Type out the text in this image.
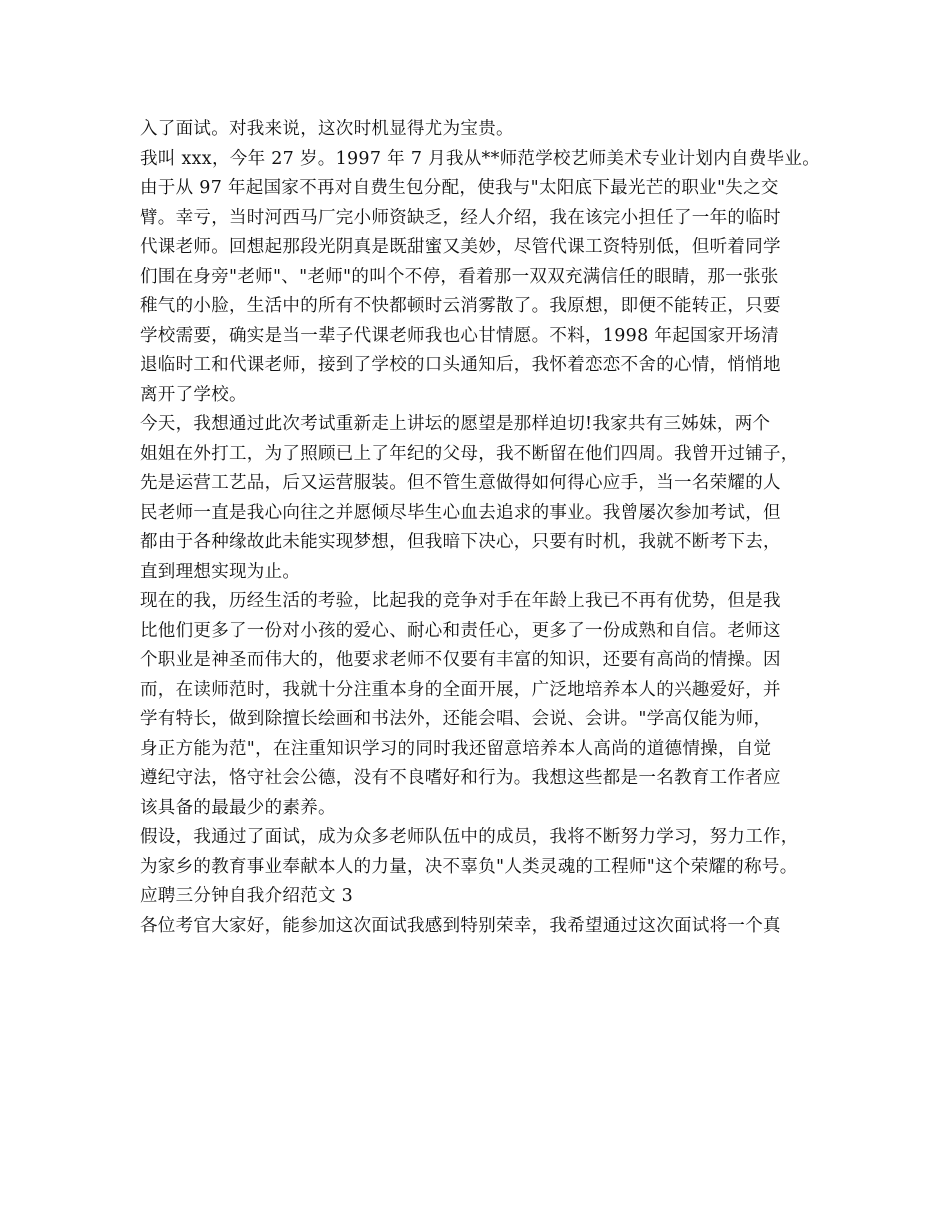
入了面试。对我来说，这次时机显得尤为宝贵。
我叫 xxx，今年 27 岁。1997 年 7 月我从**师范学校艺师美术专业计划内自费毕业。
由于从 97 年起国家不再对自费生包分配，使我与"太阳底下最光芒的职业"失之交
臂。幸亏，当时河西马厂完小师资缺乏，经人介绍，我在该完小担任了一年的临时
代课老师。回想起那段光阴真是既甜蜜又美妙，尽管代课工资特别低，但听着同学
们围在身旁"老师"、"老师"的叫个不停，看着那一双双充满信任的眼睛，那一张张
稚气的小脸，生活中的所有不快都顿时云消雾散了。我原想，即便不能转正，只要
学校需要，确实是当一辈子代课老师我也心甘情愿。不料，1998 年起国家开场清
退临时工和代课老师，接到了学校的口头通知后，我怀着恋恋不舍的心情，悄悄地
离开了学校。
今天，我想通过此次考试重新走上讲坛的愿望是那样迫切!我家共有三姊妹，两个
姐姐在外打工，为了照顾已上了年纪的父母，我不断留在他们四周。我曾开过铺子，
先是运营工艺品，后又运营服装。但不管生意做得如何得心应手，当一名荣耀的人
民老师一直是我心向往之并愿倾尽毕生心血去追求的事业。我曾屡次参加考试，但
都由于各种缘故此未能实现梦想，但我暗下决心，只要有时机，我就不断考下去，
直到理想实现为止。
现在的我，历经生活的考验，比起我的竞争对手在年龄上我已不再有优势，但是我
比他们更多了一份对小孩的爱心、耐心和责任心，更多了一份成熟和自信。老师这
个职业是神圣而伟大的，他要求老师不仅要有丰富的知识，还要有高尚的情操。因
而，在读师范时，我就十分注重本身的全面开展，广泛地培养本人的兴趣爱好，并
学有特长，做到除擅长绘画和书法外，还能会唱、会说、会讲。"学高仅能为师，
身正方能为范"，在注重知识学习的同时我还留意培养本人高尚的道德情操，自觉
遵纪守法，恪守社会公德，没有不良嗜好和行为。我想这些都是一名教育工作者应
该具备的最最少的素养。
假设，我通过了面试，成为众多老师队伍中的成员，我将不断努力学习，努力工作，
为家乡的教育事业奉献本人的力量，决不辜负"人类灵魂的工程师"这个荣耀的称号。
应聘三分钟自我介绍范文 3
各位考官大家好，能参加这次面试我感到特别荣幸，我希望通过这次面试将一个真
